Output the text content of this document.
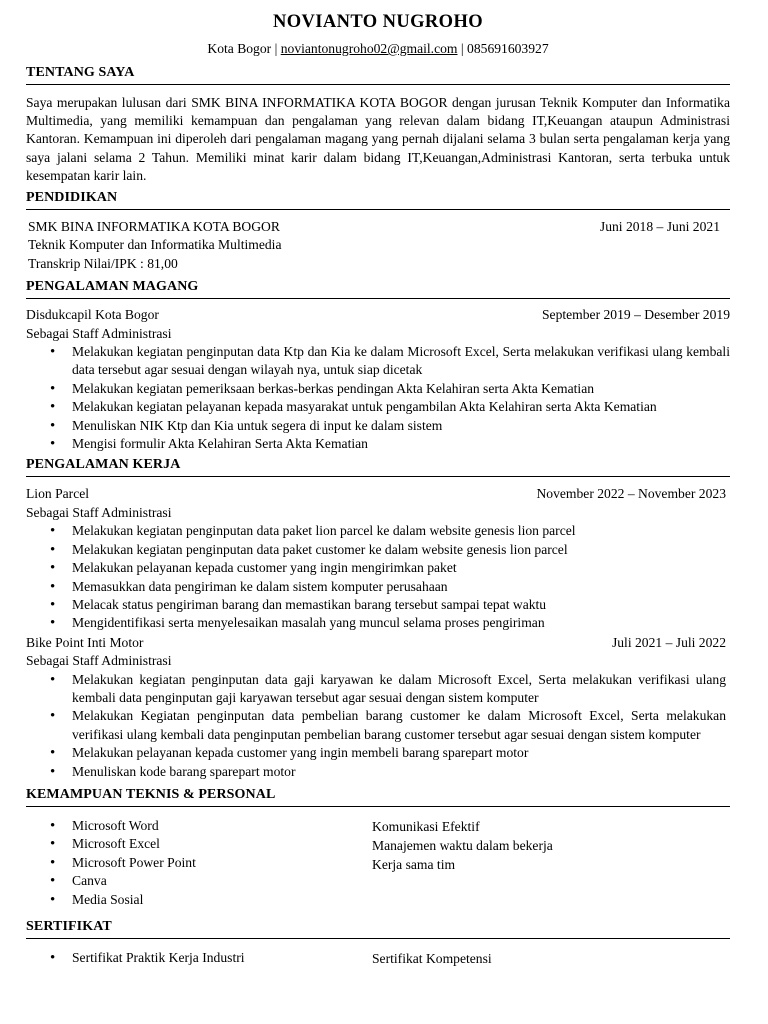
NOVIANTO NUGROHO
Kota Bogor | noviantonugroho02@gmail.com | 085691603927
TENTANG SAYA

Saya merupakan lulusan dari SMK BINA INFORMATIKA KOTA BOGOR dengan jurusan Teknik Komputer dan Informatika Multimedia, yang memiliki kemampuan dan pengalaman yang relevan dalam bidang IT,Keuangan ataupun Administrasi Kantoran. Kemampuan ini diperoleh dari pengalaman magang yang pernah dijalani selama 3 bulan serta pengalaman kerja yang saya jalani selama 2 Tahun. Memiliki minat karir dalam bidang IT,Keuangan,Administrasi Kantoran, serta terbuka untuk kesempatan karir lain.

PENDIDIKAN
SMK BINA INFORMATIKA KOTA BOGOR	Juni 2018 – Juni 2021
Teknik Komputer dan Informatika Multimedia
Transkrip Nilai/IPK : 81,00
PENGALAMAN MAGANG
Disdukcapil Kota Bogor	September 2019 – Desember 2019
Sebagai Staff Administrasi
• Melakukan kegiatan penginputan data Ktp dan Kia ke dalam Microsoft Excel, Serta melakukan verifikasi ulang kembali data tersebut agar sesuai dengan wilayah nya, untuk siap dicetak
• Melakukan kegiatan pemeriksaan berkas-berkas pendingan Akta Kelahiran serta Akta Kematian
• Melakukan kegiatan pelayanan kepada masyarakat untuk pengambilan Akta Kelahiran serta Akta Kematian
• Menuliskan NIK Ktp dan Kia untuk segera di input ke dalam sistem
• Mengisi formulir Akta Kelahiran Serta Akta Kematian
PENGALAMAN KERJA
Lion Parcel	November 2022 – November 2023
Sebagai Staff Administrasi
• Melakukan kegiatan penginputan data paket lion parcel ke dalam website genesis lion parcel
• Melakukan kegiatan penginputan data paket customer ke dalam website genesis lion parcel
• Melakukan pelayanan kepada customer yang ingin mengirimkan paket
• Memasukkan data pengiriman ke dalam sistem komputer perusahaan
• Melacak status pengiriman barang dan memastikan barang tersebut sampai tepat waktu
• Mengidentifikasi serta menyelesaikan masalah yang muncul selama proses pengiriman
Bike Point Inti Motor	Juli 2021 – Juli 2022
Sebagai Staff Administrasi
• Melakukan kegiatan penginputan data gaji karyawan ke dalam Microsoft Excel, Serta melakukan verifikasi ulang kembali data penginputan gaji karyawan tersebut agar sesuai dengan sistem komputer
• Melakukan Kegiatan penginputan data pembelian barang customer ke dalam Microsoft Excel, Serta melakukan verifikasi ulang kembali data penginputan pembelian barang customer tersebut agar sesuai dengan sistem komputer
• Melakukan pelayanan kepada customer yang ingin membeli barang sparepart motor
• Menuliskan kode barang sparepart motor
KEMAMPUAN TEKNIS & PERSONAL
• Microsoft Word
• Microsoft Excel
• Microsoft Power Point
• Canva
• Media Sosial
Komunikasi Efektif
Manajemen waktu dalam bekerja
Kerja sama tim
SERTIFIKAT
• Sertifikat Praktik Kerja Industri	Sertifikat Kompetensi
